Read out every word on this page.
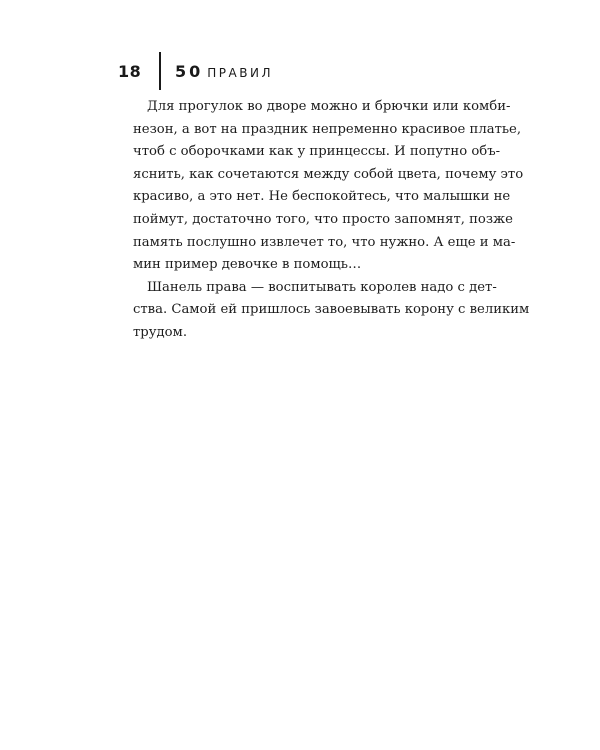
18 50 ПРАВИЛ

Для прогулок во дворе можно и брючки или комби-
незон, а вот на праздник непременно красивое платье,
чтоб с оборочками как у принцессы. И попутно объ-
яснить, как сочетаются между собой цвета, почему это
красиво, а это нет. Не беспокойтесь, что малышки не
поймут, достаточно того, что просто запомнят, позже
память послушно извлечет то, что нужно. А еще и ма-
мин пример девочке в помощь…

Шанель права — воспитывать королев надо с дет-
ства. Самой ей пришлось завоевывать корону с великим
трудом.
